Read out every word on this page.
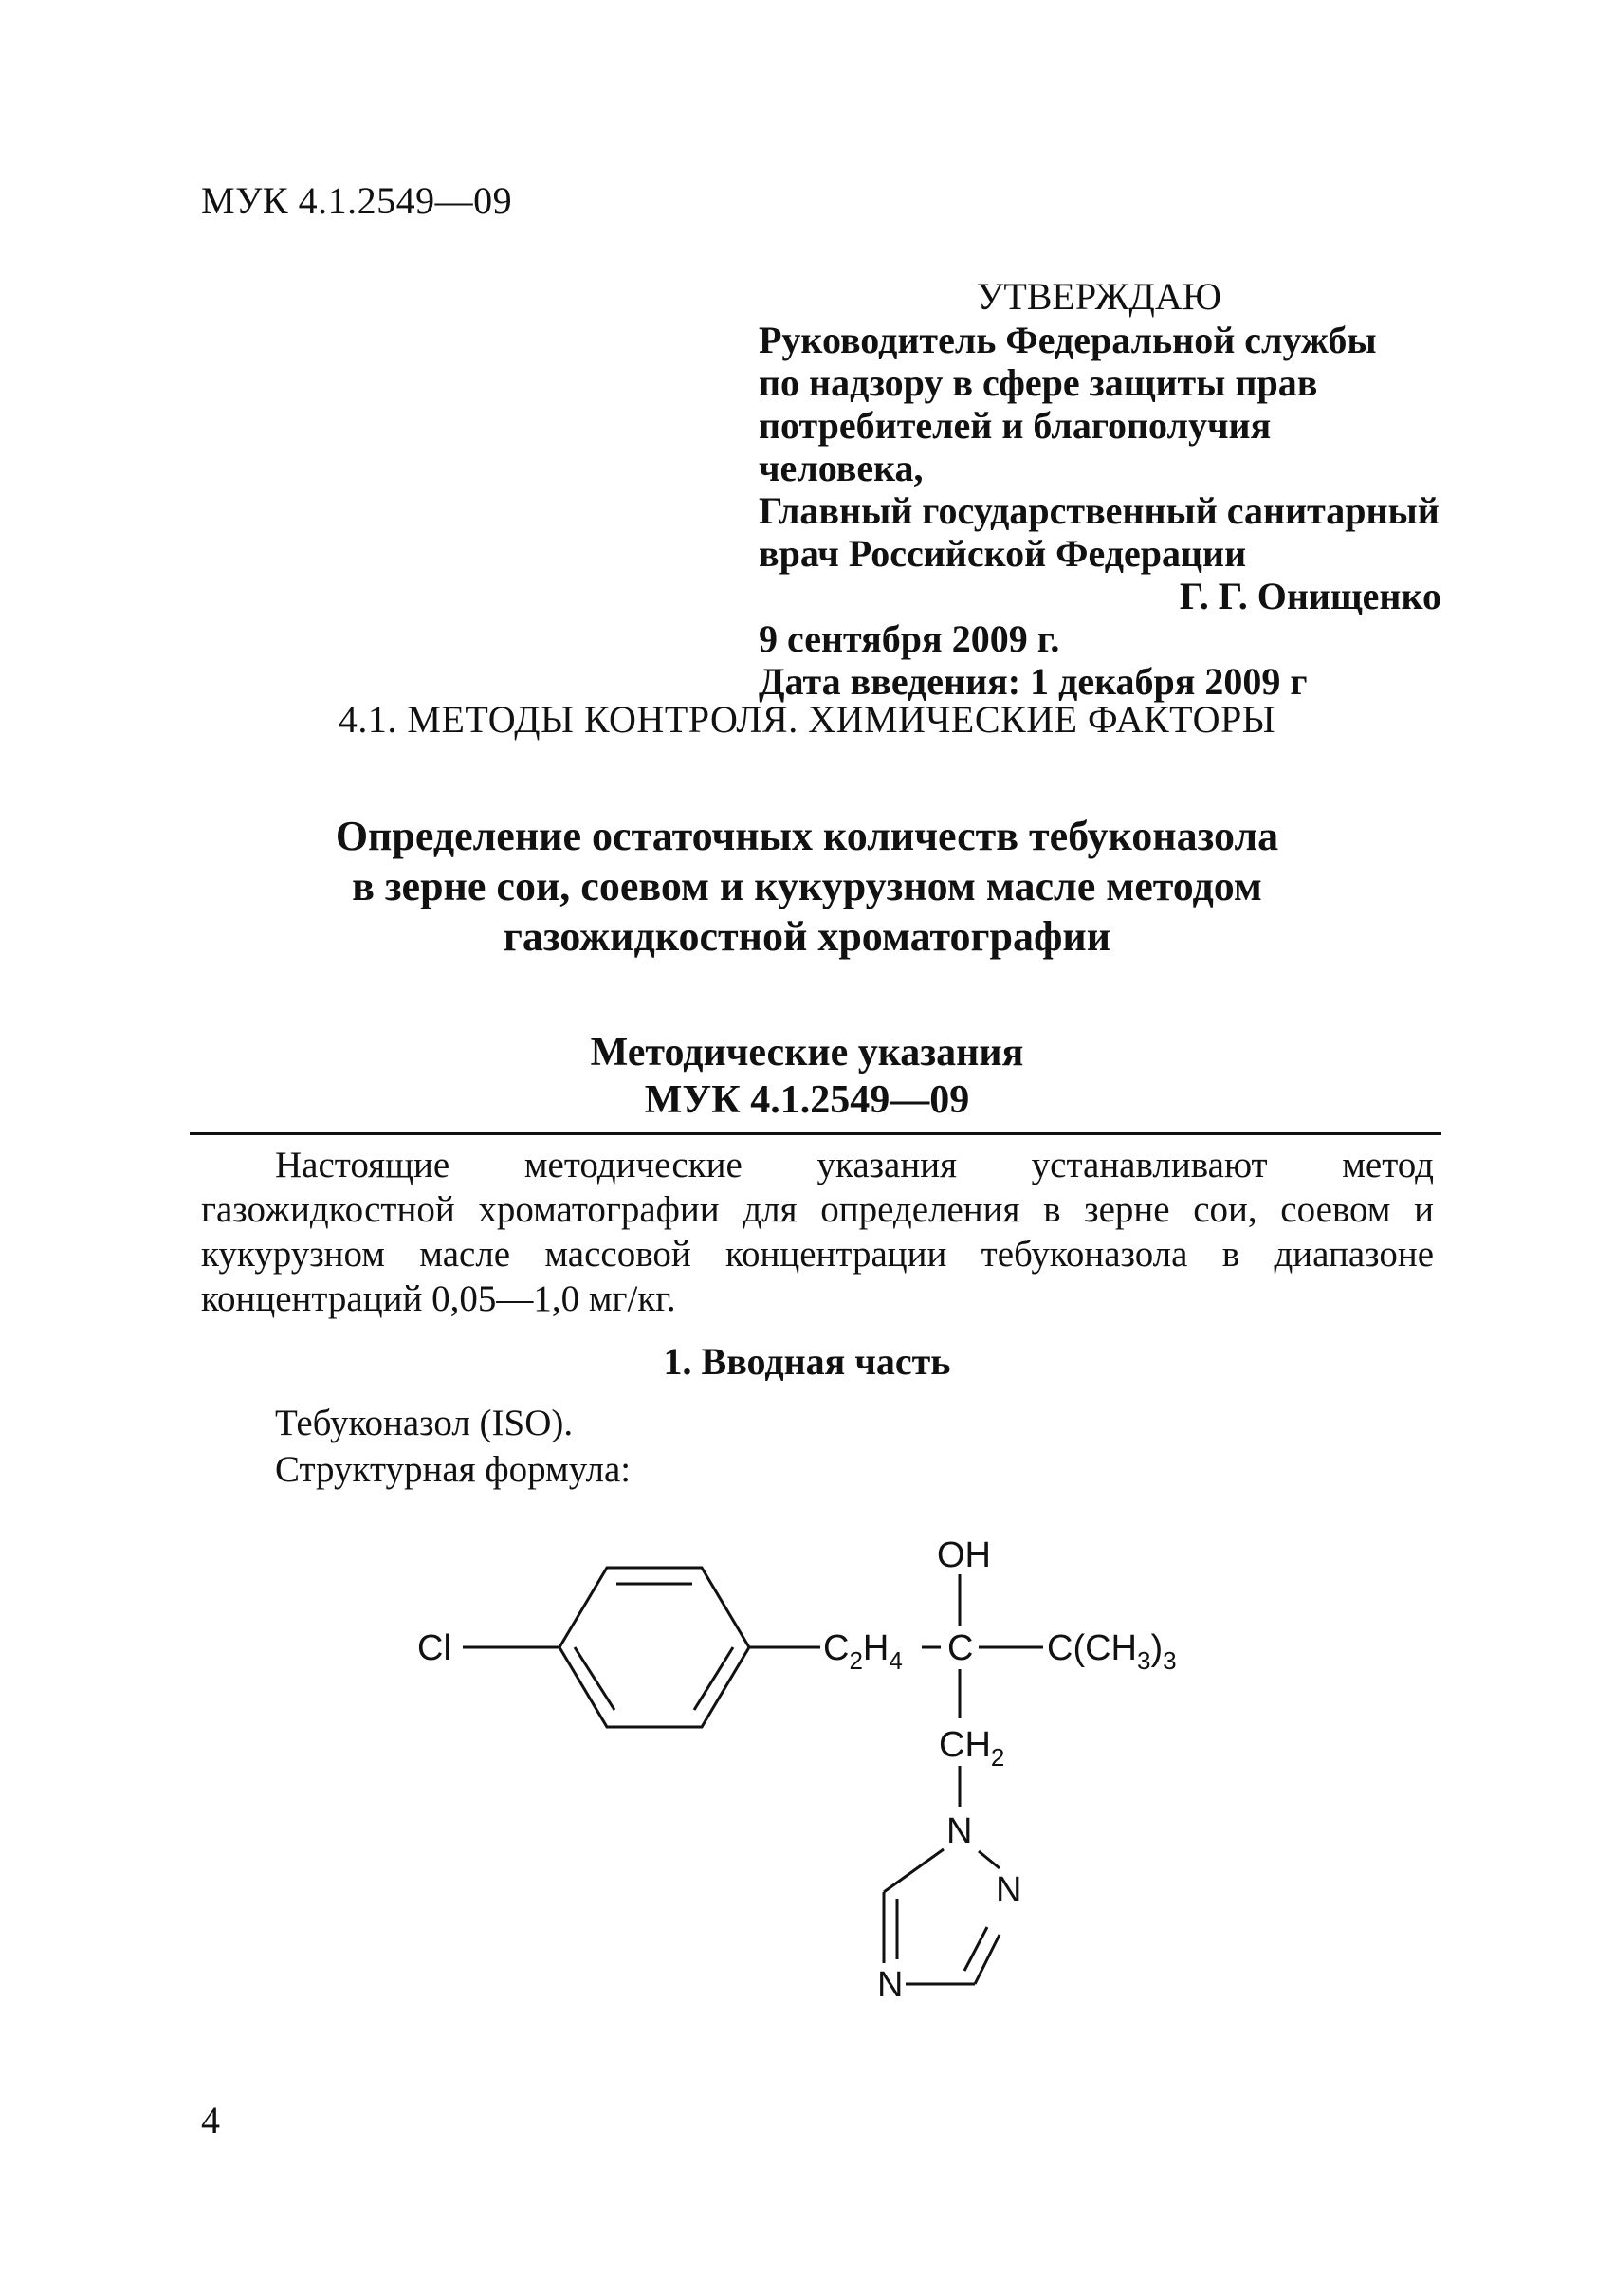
МУК 4.1.2549—09
УТВЕРЖДАЮ
Руководитель Федеральной службы
по надзору в сфере защиты прав
потребителей и благополучия человека,
Главный государственный санитарный
врач Российской Федерации
Г. Г. Онищенко
9 сентября 2009 г.
Дата введения: 1 декабря 2009 г
4.1. МЕТОДЫ КОНТРОЛЯ. ХИМИЧЕСКИЕ ФАКТОРЫ
Определение остаточных количеств тебуконазола
в зерне сои, соевом и кукурузном масле методом
газожидкостной хроматографии
Методические указания
МУК 4.1.2549—09

Настоящие методические указания устанавливают метод газожидкостной хроматографии для определения в зерне сои, соевом и кукурузном масле массовой концентрации тебуконазола в диапазоне концентраций 0,05—1,0 мг/кг.

1. Вводная часть
Тебуконазол (ISO).
Структурная формула:
Cl
OH
$C_2H_4$ C $C(CH_3)_3$
$CH_2$
N
N
N
4
